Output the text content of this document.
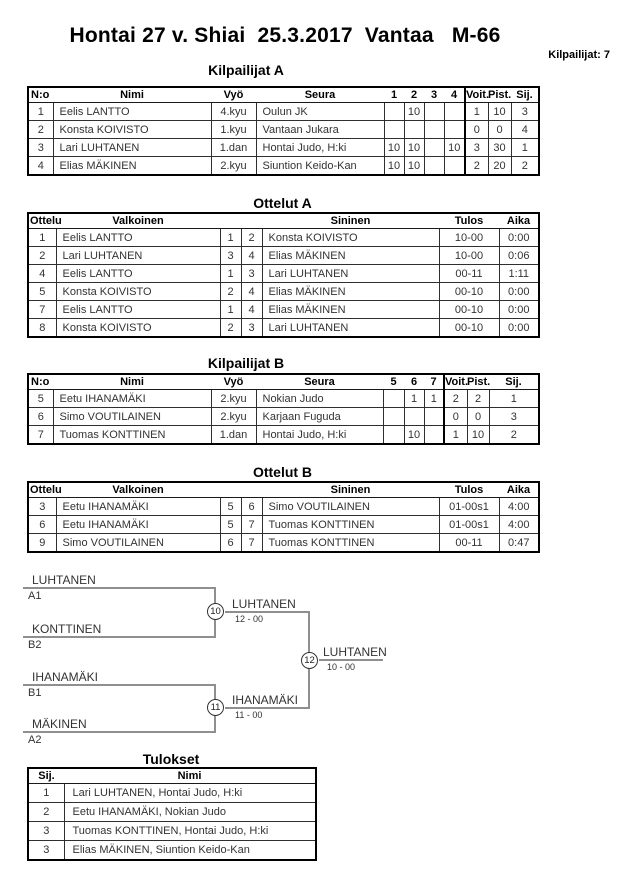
Hontai 27 v. Shiai  25.3.2017  Vantaa   M-66
Kilpailijat: 7
Kilpailijat A
N:o	Nimi	Vyö	Seura	1	2	3	4	Voit.	Pist.	Sij.
1	Eelis LANTTO	4.kyu	Oulun JK		10			1	10	3
2	Konsta KOIVISTO	1.kyu	Vantaan Jukara					0	0	4
3	Lari LUHTANEN	1.dan	Hontai Judo, H:ki	10	10		10	3	30	1
4	Elias MÄKINEN	2.kyu	Siuntion Keido-Kan	10	10			2	20	2
Ottelut A
Ottelu	Valkoinen			Sininen	Tulos	Aika
1	Eelis LANTTO	1	2	Konsta KOIVISTO	10-00	0:00
2	Lari LUHTANEN	3	4	Elias MÄKINEN	10-00	0:06
4	Eelis LANTTO	1	3	Lari LUHTANEN	00-11	1:11
5	Konsta KOIVISTO	2	4	Elias MÄKINEN	00-10	0:00
7	Eelis LANTTO	1	4	Elias MÄKINEN	00-10	0:00
8	Konsta KOIVISTO	2	3	Lari LUHTANEN	00-10	0:00
Kilpailijat B
N:o	Nimi	Vyö	Seura	5	6	7	Voit.	Pist.	Sij.
5	Eetu IHANAMÄKI	2.kyu	Nokian Judo		1	1	2	2	1
6	Simo VOUTILAINEN	2.kyu	Karjaan Fuguda				0	0	3
7	Tuomas KONTTINEN	1.dan	Hontai Judo, H:ki		10		1	10	2
Ottelut B
Ottelu	Valkoinen			Sininen	Tulos	Aika
3	Eetu IHANAMÄKI	5	6	Simo VOUTILAINEN	01-00s1	4:00
6	Eetu IHANAMÄKI	5	7	Tuomas KONTTINEN	01-00s1	4:00
9	Simo VOUTILAINEN	6	7	Tuomas KONTTINEN	00-11	0:47
LUHTANEN
A1
KONTTINEN
B2
IHANAMÄKI
B1
MÄKINEN
A2
LUHTANEN
12 - 00
IHANAMÄKI
11 - 00
LUHTANEN
10 - 00
10
11
12
Tulokset
Sij.	Nimi
1	Lari LUHTANEN, Hontai Judo, H:ki
2	Eetu IHANAMÄKI, Nokian Judo
3	Tuomas KONTTINEN, Hontai Judo, H:ki
3	Elias MÄKINEN, Siuntion Keido-Kan
